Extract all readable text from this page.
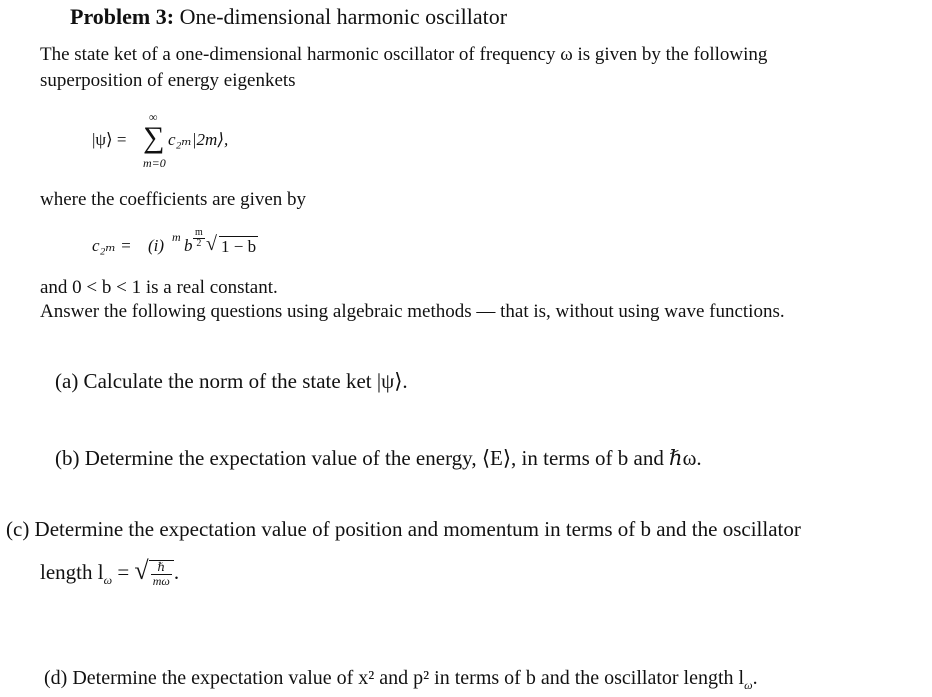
Problem 3: One-dimensional harmonic oscillator
The state ket of a one-dimensional harmonic oscillator of frequency ω is given by the following
superposition of energy eigenkets
|ψ⟩ =
∞
∑
m=0
c₂ₘ|2m⟩,
where the coefficients are given by
c₂ₘ = (i) m b $\frac{m}{2}$ √ 1 − b
and 0 < b < 1 is a real constant.
Answer the following questions using algebraic methods — that is, without using wave functions.
(a) Calculate the norm of the state ket |ψ⟩.
(b) Determine the expectation value of the energy, ⟨E⟩, in terms of b and ℏω.
(c) Determine the expectation value of position and momentum in terms of b and the oscillator
length $l_\omega$ = √ $\frac{\text{ℏ}}{m\omega}$ .
(d) Determine the expectation value of x² and p² in terms of b and the oscillator length $l_\omega$.
